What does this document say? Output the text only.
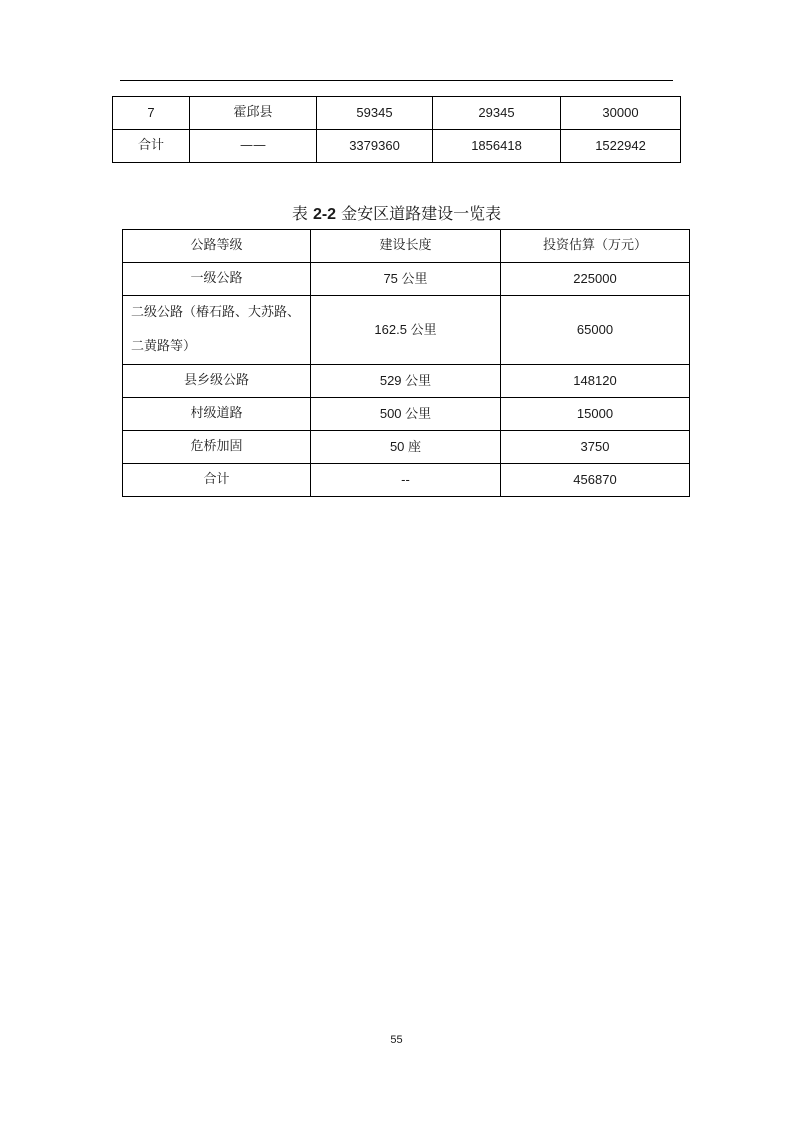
7	霍邱县	59345	29345	30000
合计	——	3379360	1856418	1522942
表 2-2 金安区道路建设一览表
公路等级	建设长度	投资估算（万元）
一级公路	75 公里	225000
二级公路（椿石路、大苏路、二黄路等）	162.5 公里	65000
县乡级公路	529 公里	148120
村级道路	500 公里	15000
危桥加固	50 座	3750
合计	--	456870
55
